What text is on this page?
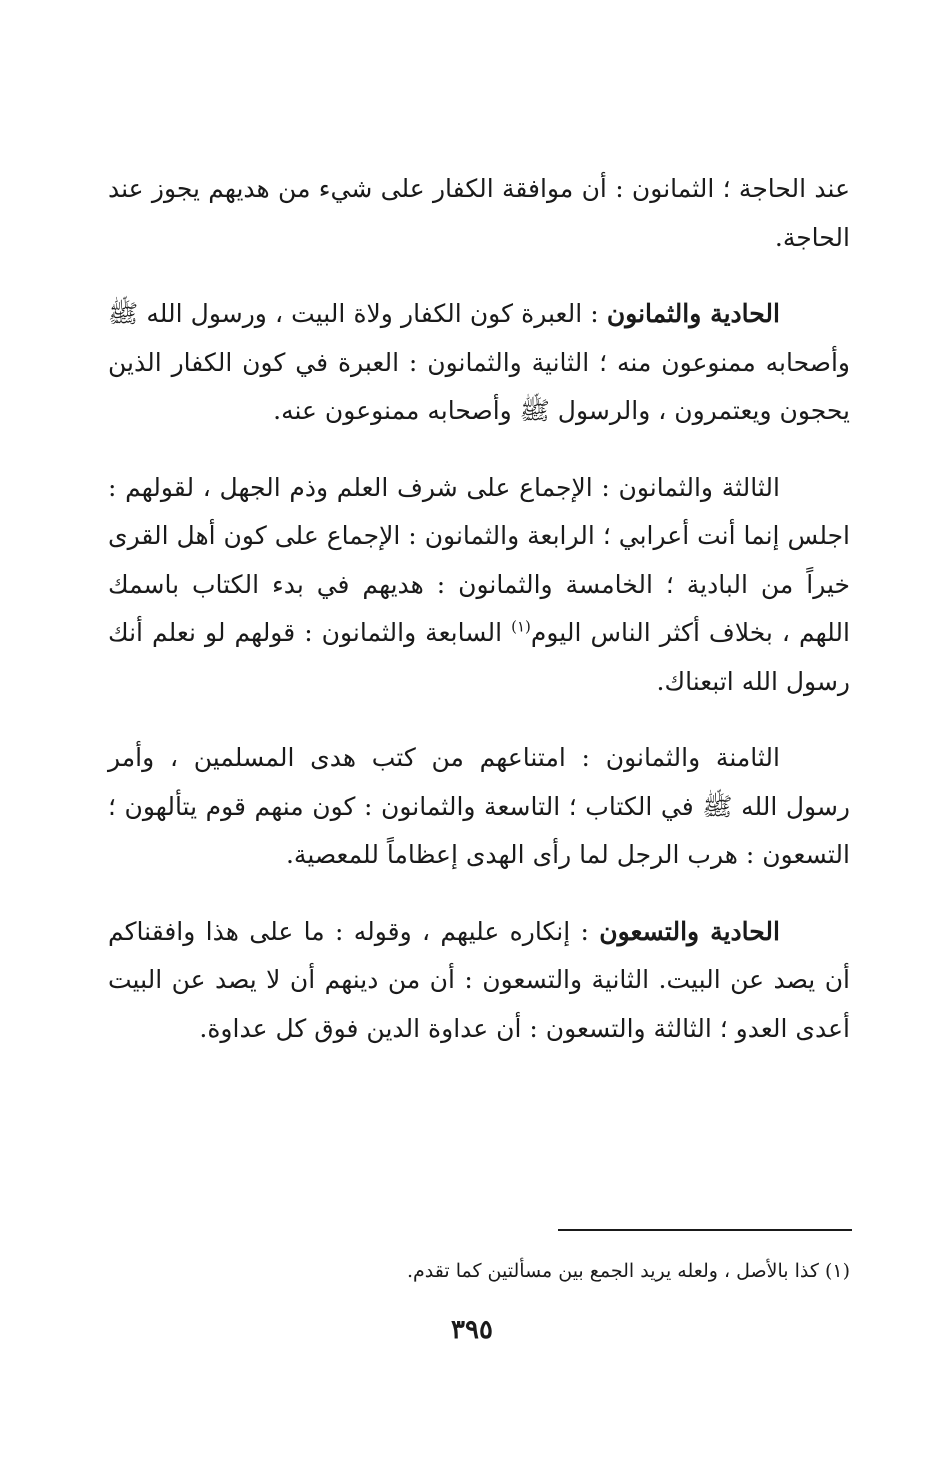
عند الحاجة ؛ الثمانون : أن موافقة الكفار على شيء من هديهم يجوز عند الحاجة.

الحادية والثمانون : العبرة كون الكفار ولاة البيت ، ورسول الله ﷺ وأصحابه ممنوعون منه ؛ الثانية والثمانون : العبرة في كون الكفار الذين يحجون ويعتمرون ، والرسول ﷺ وأصحابه ممنوعون عنه.

الثالثة والثمانون : الإجماع على شرف العلم وذم الجهل ، لقولهم : اجلس إنما أنت أعرابي ؛ الرابعة والثمانون : الإجماع على كون أهل القرى خيراً من البادية ؛ الخامسة والثمانون : هديهم في بدء الكتاب باسمك اللهم ، بخلاف أكثر الناس اليوم$^{(١)}$ السابعة والثمانون : قولهم لو نعلم أنك رسول الله اتبعناك.

الثامنة والثمانون : امتناعهم من كتب هدى المسلمين ، وأمر رسول الله ﷺ في الكتاب ؛ التاسعة والثمانون : كون منهم قوم يتألهون ؛ التسعون : هرب الرجل لما رأى الهدى إعظاماً للمعصية.

الحادية والتسعون : إنكاره عليهم ، وقوله : ما على هذا وافقناكم أن يصد عن البيت. الثانية والتسعون : أن من دينهم أن لا يصد عن البيت أعدى العدو ؛ الثالثة والتسعون : أن عداوة الدين فوق كل عداوة.

(١) كذا بالأصل ، ولعله يريد الجمع بين مسألتين كما تقدم.
٣٩٥
